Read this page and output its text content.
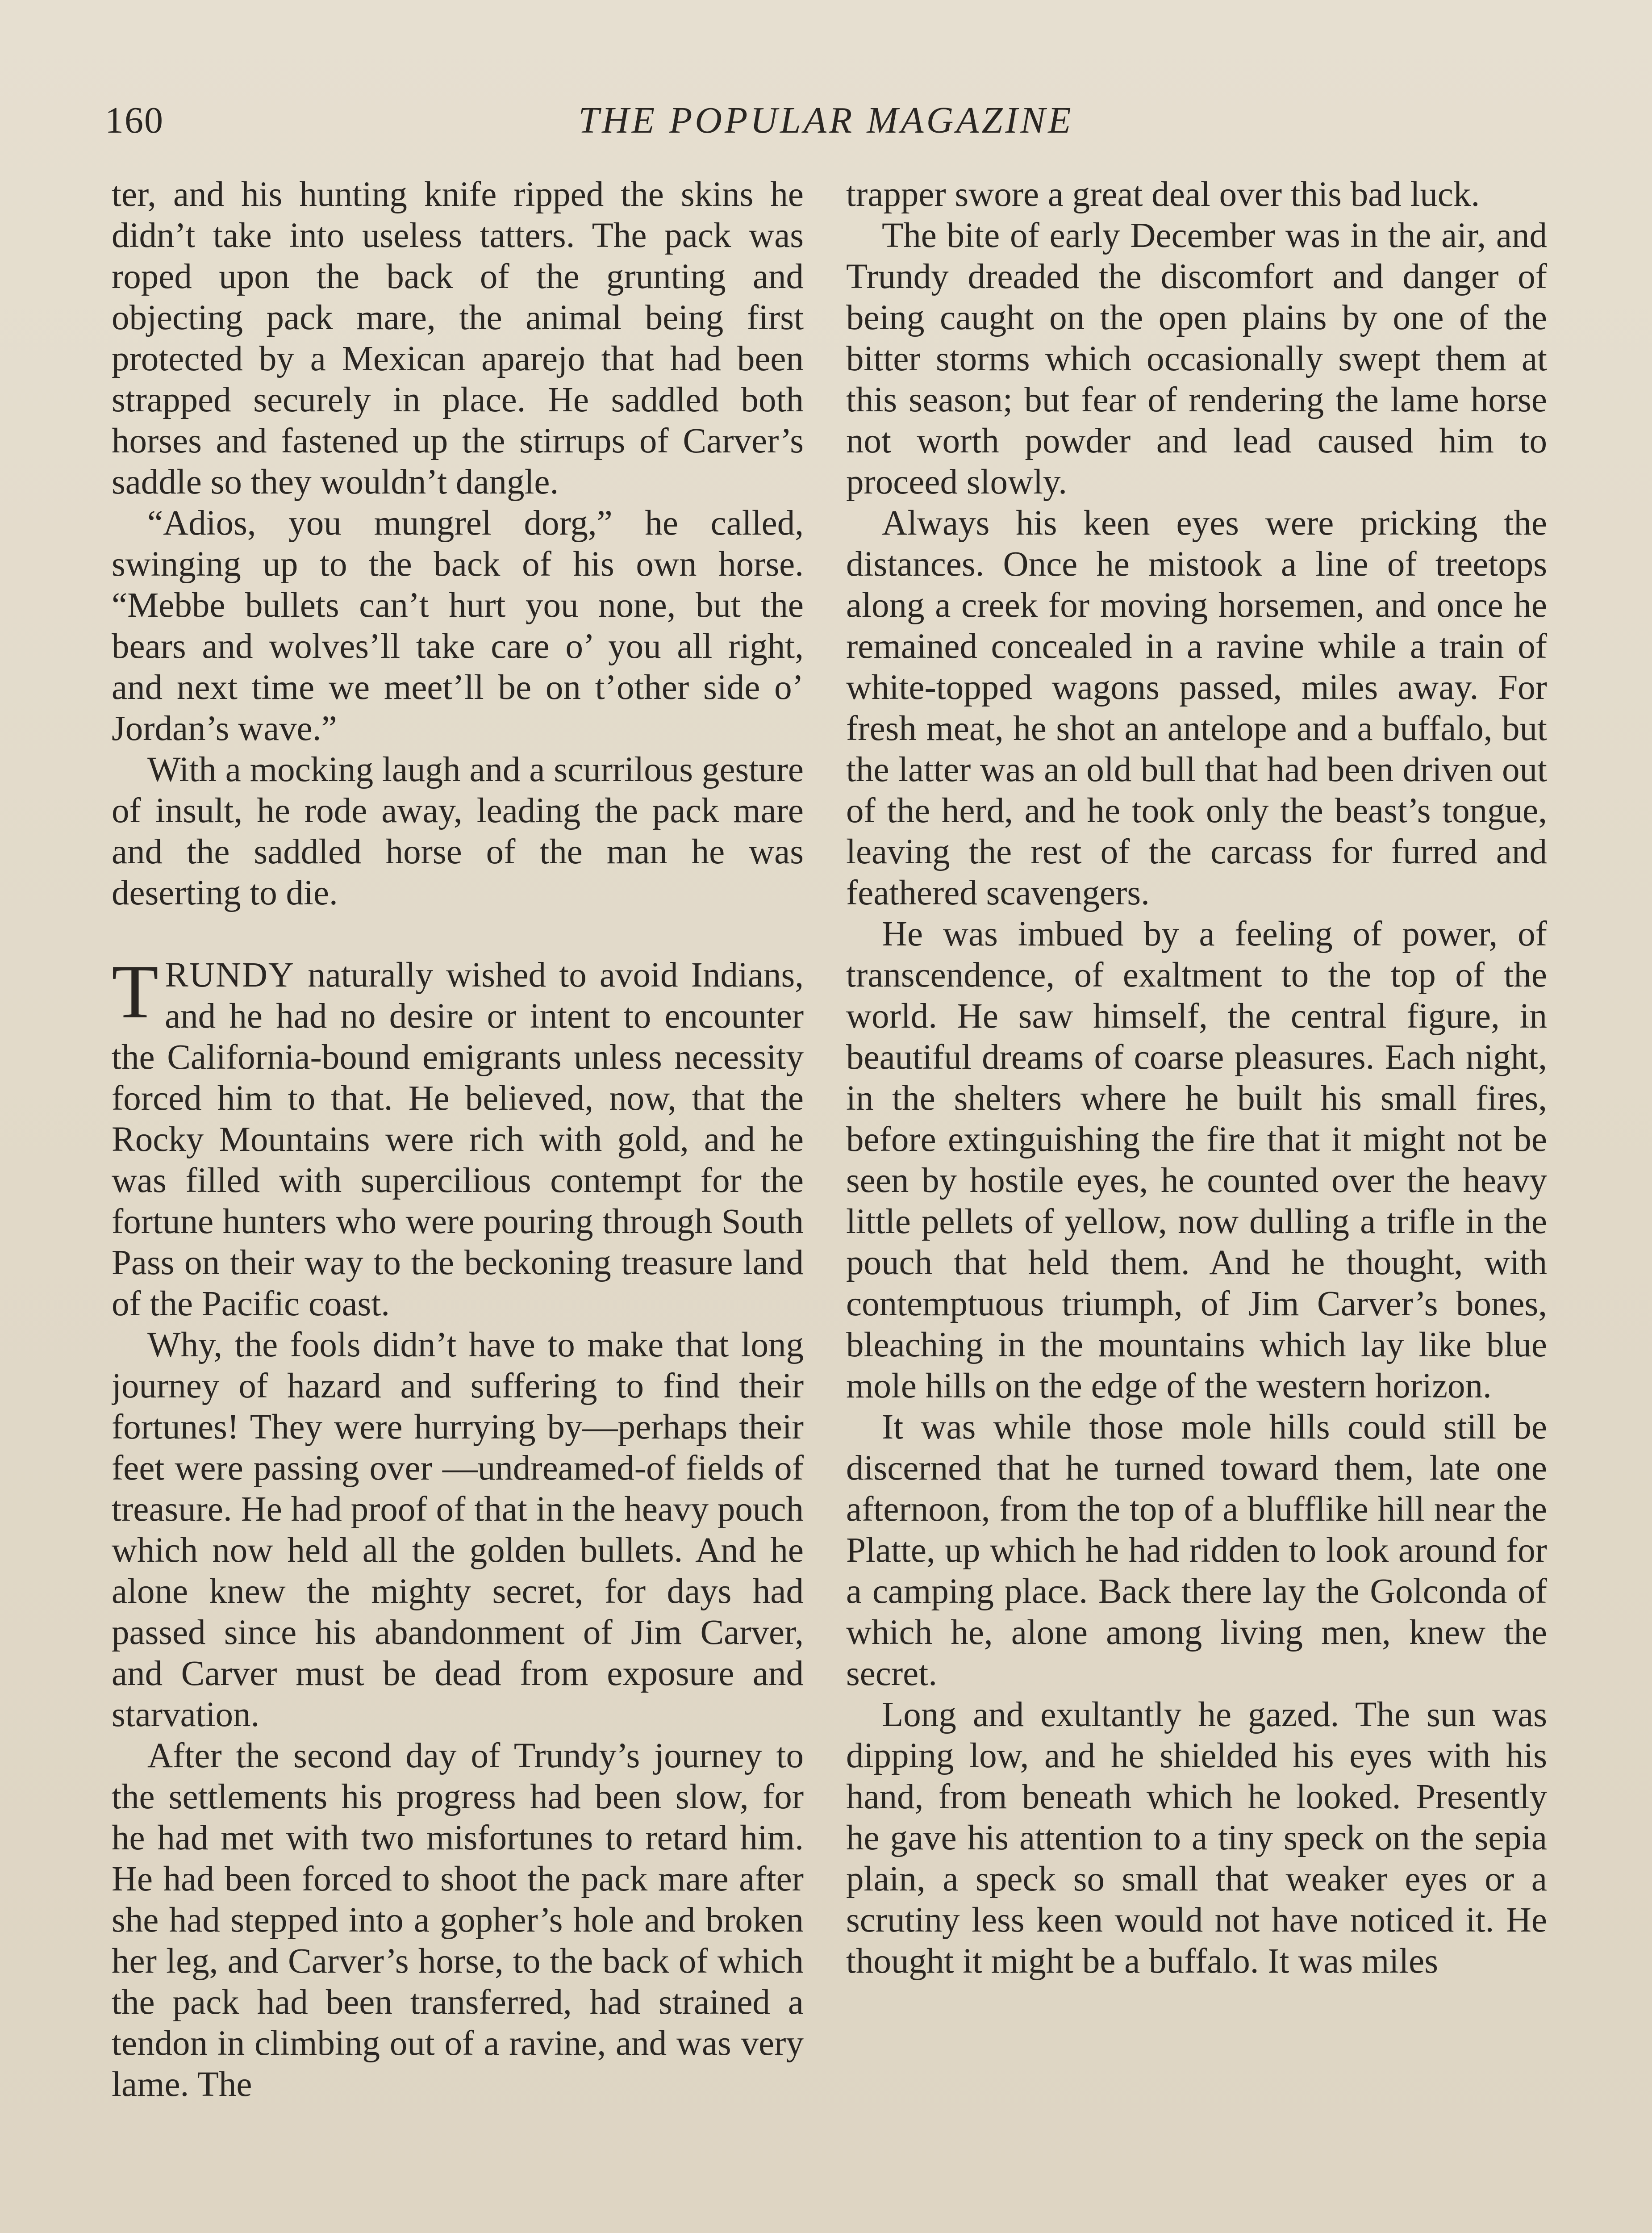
160	THE POPULAR MAGAZINE

ter, and his hunting knife ripped the skins he didn’t take into useless tatters. The pack was roped upon the back of the grunting and objecting pack mare, the animal being first protected by a Mexican aparejo that had been strapped securely in place. He saddled both horses and fastened up the stirrups of Carver’s saddle so they wouldn’t dangle.

“Adios, you mungrel dorg,” he called, swinging up to the back of his own horse. “Mebbe bullets can’t hurt you none, but the bears and wolves’ll take care o’ you all right, and next time we meet’ll be on t’other side o’ Jordan’s wave.”

With a mocking laugh and a scurrilous gesture of insult, he rode away, leading the pack mare and the saddled horse of the man he was deserting to die.

TRUNDY naturally wished to avoid Indians, and he had no desire or intent to encounter the California-bound emigrants unless necessity forced him to that. He believed, now, that the Rocky Mountains were rich with gold, and he was filled with supercilious contempt for the fortune hunters who were pouring through South Pass on their way to the beckoning treasure land of the Pacific coast.

Why, the fools didn’t have to make that long journey of hazard and suffering to find their fortunes! They were hurrying by—perhaps their feet were passing over —undreamed-of fields of treasure. He had proof of that in the heavy pouch which now held all the golden bullets. And he alone knew the mighty secret, for days had passed since his abandonment of Jim Carver, and Carver must be dead from exposure and starvation.

After the second day of Trundy’s journey to the settlements his progress had been slow, for he had met with two misfortunes to retard him. He had been forced to shoot the pack mare after she had stepped into a gopher’s hole and broken her leg, and Carver’s horse, to the back of which the pack had been transferred, had strained a tendon in climbing out of a ravine, and was very lame. The

trapper swore a great deal over this bad luck.

The bite of early December was in the air, and Trundy dreaded the discomfort and danger of being caught on the open plains by one of the bitter storms which occasionally swept them at this season; but fear of rendering the lame horse not worth powder and lead caused him to proceed slowly.

Always his keen eyes were pricking the distances. Once he mistook a line of treetops along a creek for moving horsemen, and once he remained concealed in a ravine while a train of white-topped wagons passed, miles away. For fresh meat, he shot an antelope and a buffalo, but the latter was an old bull that had been driven out of the herd, and he took only the beast’s tongue, leaving the rest of the carcass for furred and feathered scavengers.

He was imbued by a feeling of power, of transcendence, of exaltment to the top of the world. He saw himself, the central figure, in beautiful dreams of coarse pleasures. Each night, in the shelters where he built his small fires, before extinguishing the fire that it might not be seen by hostile eyes, he counted over the heavy little pellets of yellow, now dulling a trifle in the pouch that held them. And he thought, with contemptuous triumph, of Jim Carver’s bones, bleaching in the mountains which lay like blue mole hills on the edge of the western horizon.

It was while those mole hills could still be discerned that he turned toward them, late one afternoon, from the top of a blufflike hill near the Platte, up which he had ridden to look around for a camping place. Back there lay the Golconda of which he, alone among living men, knew the secret.

Long and exultantly he gazed. The sun was dipping low, and he shielded his eyes with his hand, from beneath which he looked. Presently he gave his attention to a tiny speck on the sepia plain, a speck so small that weaker eyes or a scrutiny less keen would not have noticed it. He thought it might be a buffalo. It was miles
